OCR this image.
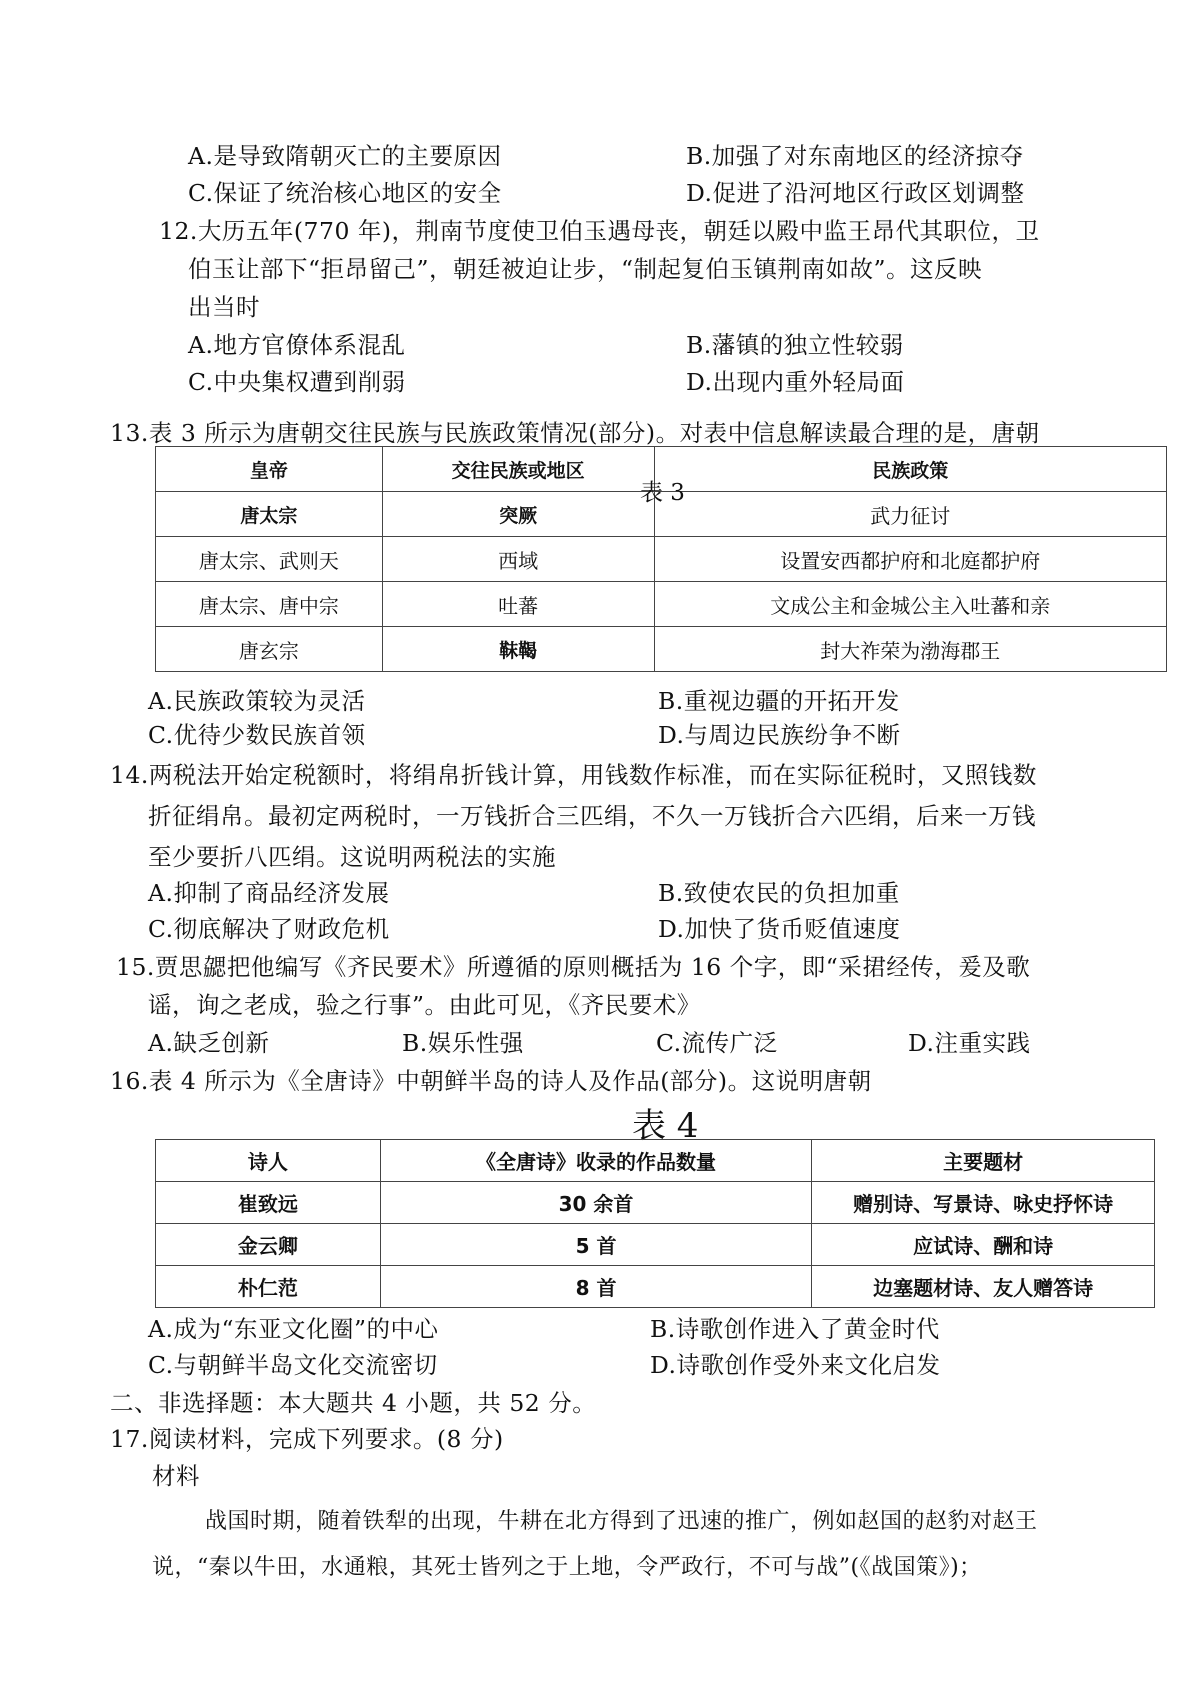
A.是导致隋朝灭亡的主要原因	B.加强了对东南地区的经济掠夺
C.保证了统治核心地区的安全	D.促进了沿河地区行政区划调整
12.大历五年(770 年)，荆南节度使卫伯玉遇母丧，朝廷以殿中监王昂代其职位，卫
伯玉让部下“拒昂留己”，朝廷被迫让步，“制起复伯玉镇荆南如故”。这反映
出当时
A.地方官僚体系混乱	B.藩镇的独立性较弱
C.中央集权遭到削弱	D.出现内重外轻局面
13.表 3 所示为唐朝交往民族与民族政策情况(部分)。对表中信息解读最合理的是，唐朝
皇帝	交往民族或地区	民族政策
唐太宗	突厥	武力征讨
唐太宗、武则天	西域	设置安西都护府和北庭都护府
唐太宗、唐中宗	吐蕃	文成公主和金城公主入吐蕃和亲
唐玄宗	靺鞨	封大祚荣为渤海郡王
表 3
A.民族政策较为灵活	B.重视边疆的开拓开发
C.优待少数民族首领	D.与周边民族纷争不断
14.两税法开始定税额时，将绢帛折钱计算，用钱数作标准，而在实际征税时，又照钱数
折征绢帛。最初定两税时，一万钱折合三匹绢，不久一万钱折合六匹绢，后来一万钱
至少要折八匹绢。这说明两税法的实施
A.抑制了商品经济发展	B.致使农民的负担加重
C.彻底解决了财政危机	D.加快了货币贬值速度
15.贾思勰把他编写《齐民要术》所遵循的原则概括为 16 个字，即“采捃经传，爰及歌
谣，询之老成，验之行事”。由此可见，《齐民要术》
A.缺乏创新	B.娱乐性强	C.流传广泛	D.注重实践
16.表 4 所示为《全唐诗》中朝鲜半岛的诗人及作品(部分)。这说明唐朝
表 4
诗人	《全唐诗》收录的作品数量	主要题材
崔致远	30 余首	赠别诗、写景诗、咏史抒怀诗
金云卿	5 首	应试诗、酬和诗
朴仁范	8 首	边塞题材诗、友人赠答诗
A.成为“东亚文化圈”的中心	B.诗歌创作进入了黄金时代
C.与朝鲜半岛文化交流密切	D.诗歌创作受外来文化启发
二、非选择题：本大题共 4 小题，共 52 分。
17.阅读材料，完成下列要求。(8 分)
材料
战国时期，随着铁犁的出现，牛耕在北方得到了迅速的推广，例如赵国的赵豹对赵王
说，“秦以牛田，水通粮，其死士皆列之于上地，令严政行，不可与战”(《战国策》)；
